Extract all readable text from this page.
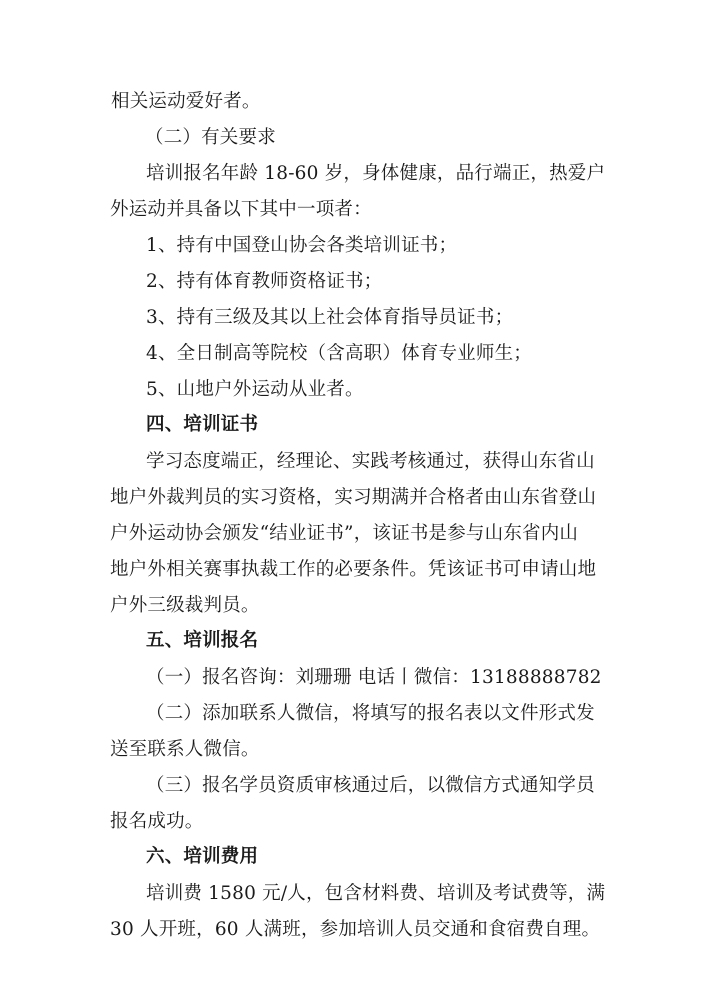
相关运动爱好者。
（二）有关要求
培训报名年龄 18-60 岁，身体健康，品行端正，热爱户
外运动并具备以下其中一项者：
1、持有中国登山协会各类培训证书；
2、持有体育教师资格证书；
3、持有三级及其以上社会体育指导员证书；
4、全日制高等院校（含高职）体育专业师生；
5、山地户外运动从业者。
四、培训证书
学习态度端正，经理论、实践考核通过，获得山东省山
地户外裁判员的实习资格，实习期满并合格者由山东省登山
户外运动协会颁发“结业证书”，该证书是参与山东省内山
地户外相关赛事执裁工作的必要条件。凭该证书可申请山地
户外三级裁判员。
五、培训报名
（一）报名咨询：刘珊珊 电话丨微信：13188888782
（二）添加联系人微信，将填写的报名表以文件形式发
送至联系人微信。
（三）报名学员资质审核通过后，以微信方式通知学员
报名成功。
六、培训费用
培训费 1580 元/人，包含材料费、培训及考试费等，满
30 人开班，60 人满班，参加培训人员交通和食宿费自理。
